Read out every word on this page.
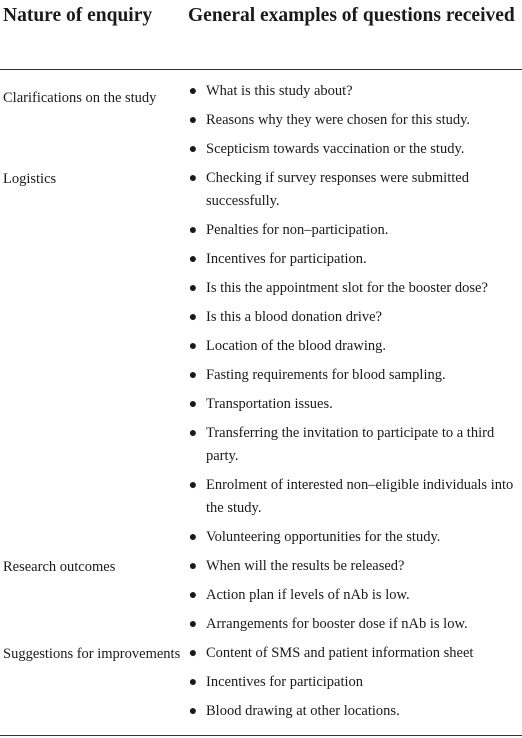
Nature of enquiry	General examples of questions received
Clarifications on the study	● What is this study about?
● Reasons why they were chosen for this study.
● Scepticism towards vaccination or the study.
Logistics	● Checking if survey responses were submitted successfully.
● Penalties for non–participation.
● Incentives for participation.
● Is this the appointment slot for the booster dose?
● Is this a blood donation drive?
● Location of the blood drawing.
● Fasting requirements for blood sampling.
● Transportation issues.
● Transferring the invitation to participate to a third party.
● Enrolment of interested non–eligible individuals into the study.
● Volunteering opportunities for the study.
Research outcomes	● When will the results be released?
● Action plan if levels of nAb is low.
● Arrangements for booster dose if nAb is low.
Suggestions for improvements ● Content of SMS and patient information sheet
● Incentives for participation
● Blood drawing at other locations.
